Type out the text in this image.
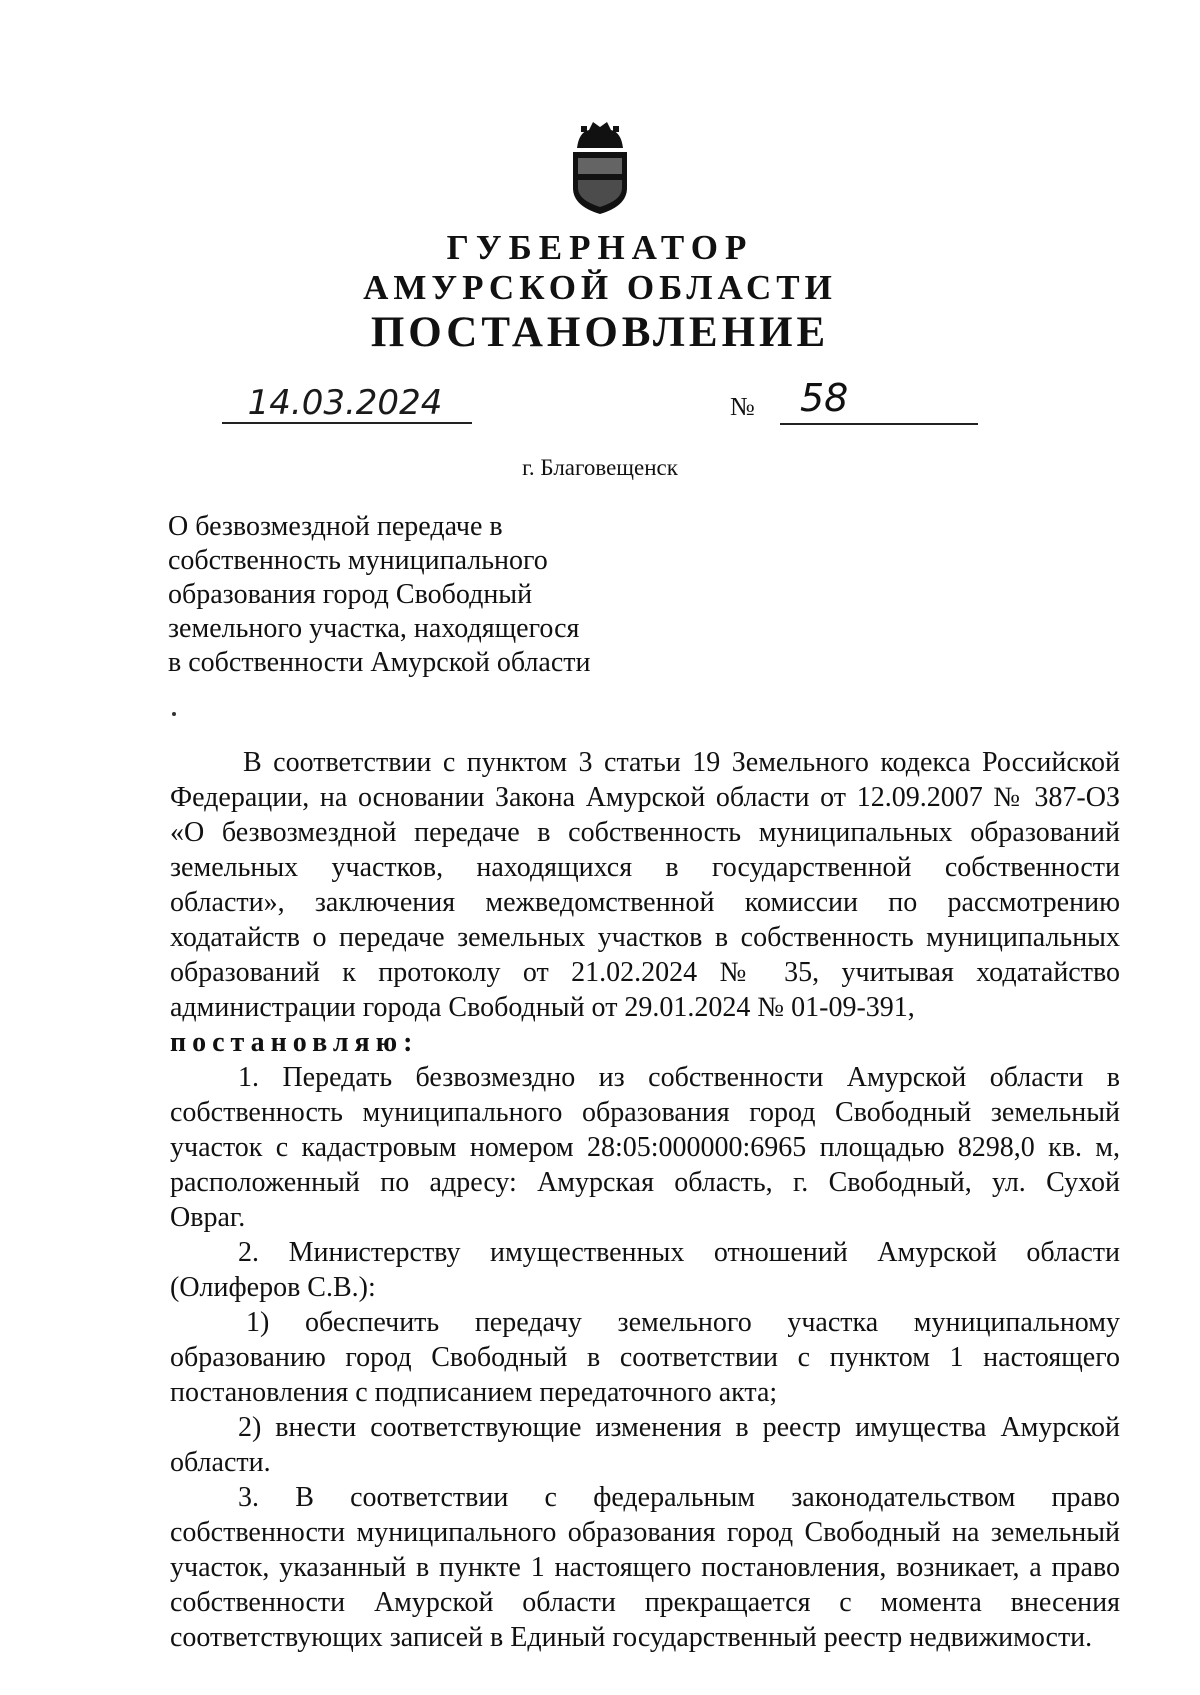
ГУБЕРНАТОР

АМУРСКОЙ ОБЛАСТИ

ПОСТАНОВЛЕНИЕ

14.03.2024	№ 58
г. Благовещенск
О безвозмездной передаче в
собственность муниципального
образования город Свободный
земельного участка, находящегося
в собственности Амурской области
В соответствии с пунктом 3 статьи 19 Земельного кодекса Российской
Федерации, на основании Закона Амурской области от 12.09.2007 № 387-ОЗ
«О безвозмездной передаче в собственность муниципальных образований
земельных участков, находящихся в государственной собственности
области», заключения межведомственной комиссии по рассмотрению
ходатайств о передаче земельных участков в собственность муниципальных
образований к протоколу от 21.02.2024 № 35, учитывая ходатайство
администрации города Свободный от 29.01.2024 № 01-09-391,
постановляю:
1. Передать безвозмездно из собственности Амурской области в
собственность муниципального образования город Свободный земельный
участок с кадастровым номером 28:05:000000:6965 площадью 8298,0 кв. м,
расположенный по адресу: Амурская область, г. Свободный, ул. Сухой
Овраг.
2. Министерству имущественных отношений Амурской области
(Олиферов С.В.):
1) обеспечить передачу земельного участка муниципальному
образованию город Свободный в соответствии с пунктом 1 настоящего
постановления с подписанием передаточного акта;
2) внести соответствующие изменения в реестр имущества Амурской
области.
3. В соответствии с федеральным законодательством право
собственности муниципального образования город Свободный на земельный
участок, указанный в пункте 1 настоящего постановления, возникает, а право
собственности Амурской области прекращается с момента внесения
соответствующих записей в Единый государственный реестр недвижимости.
